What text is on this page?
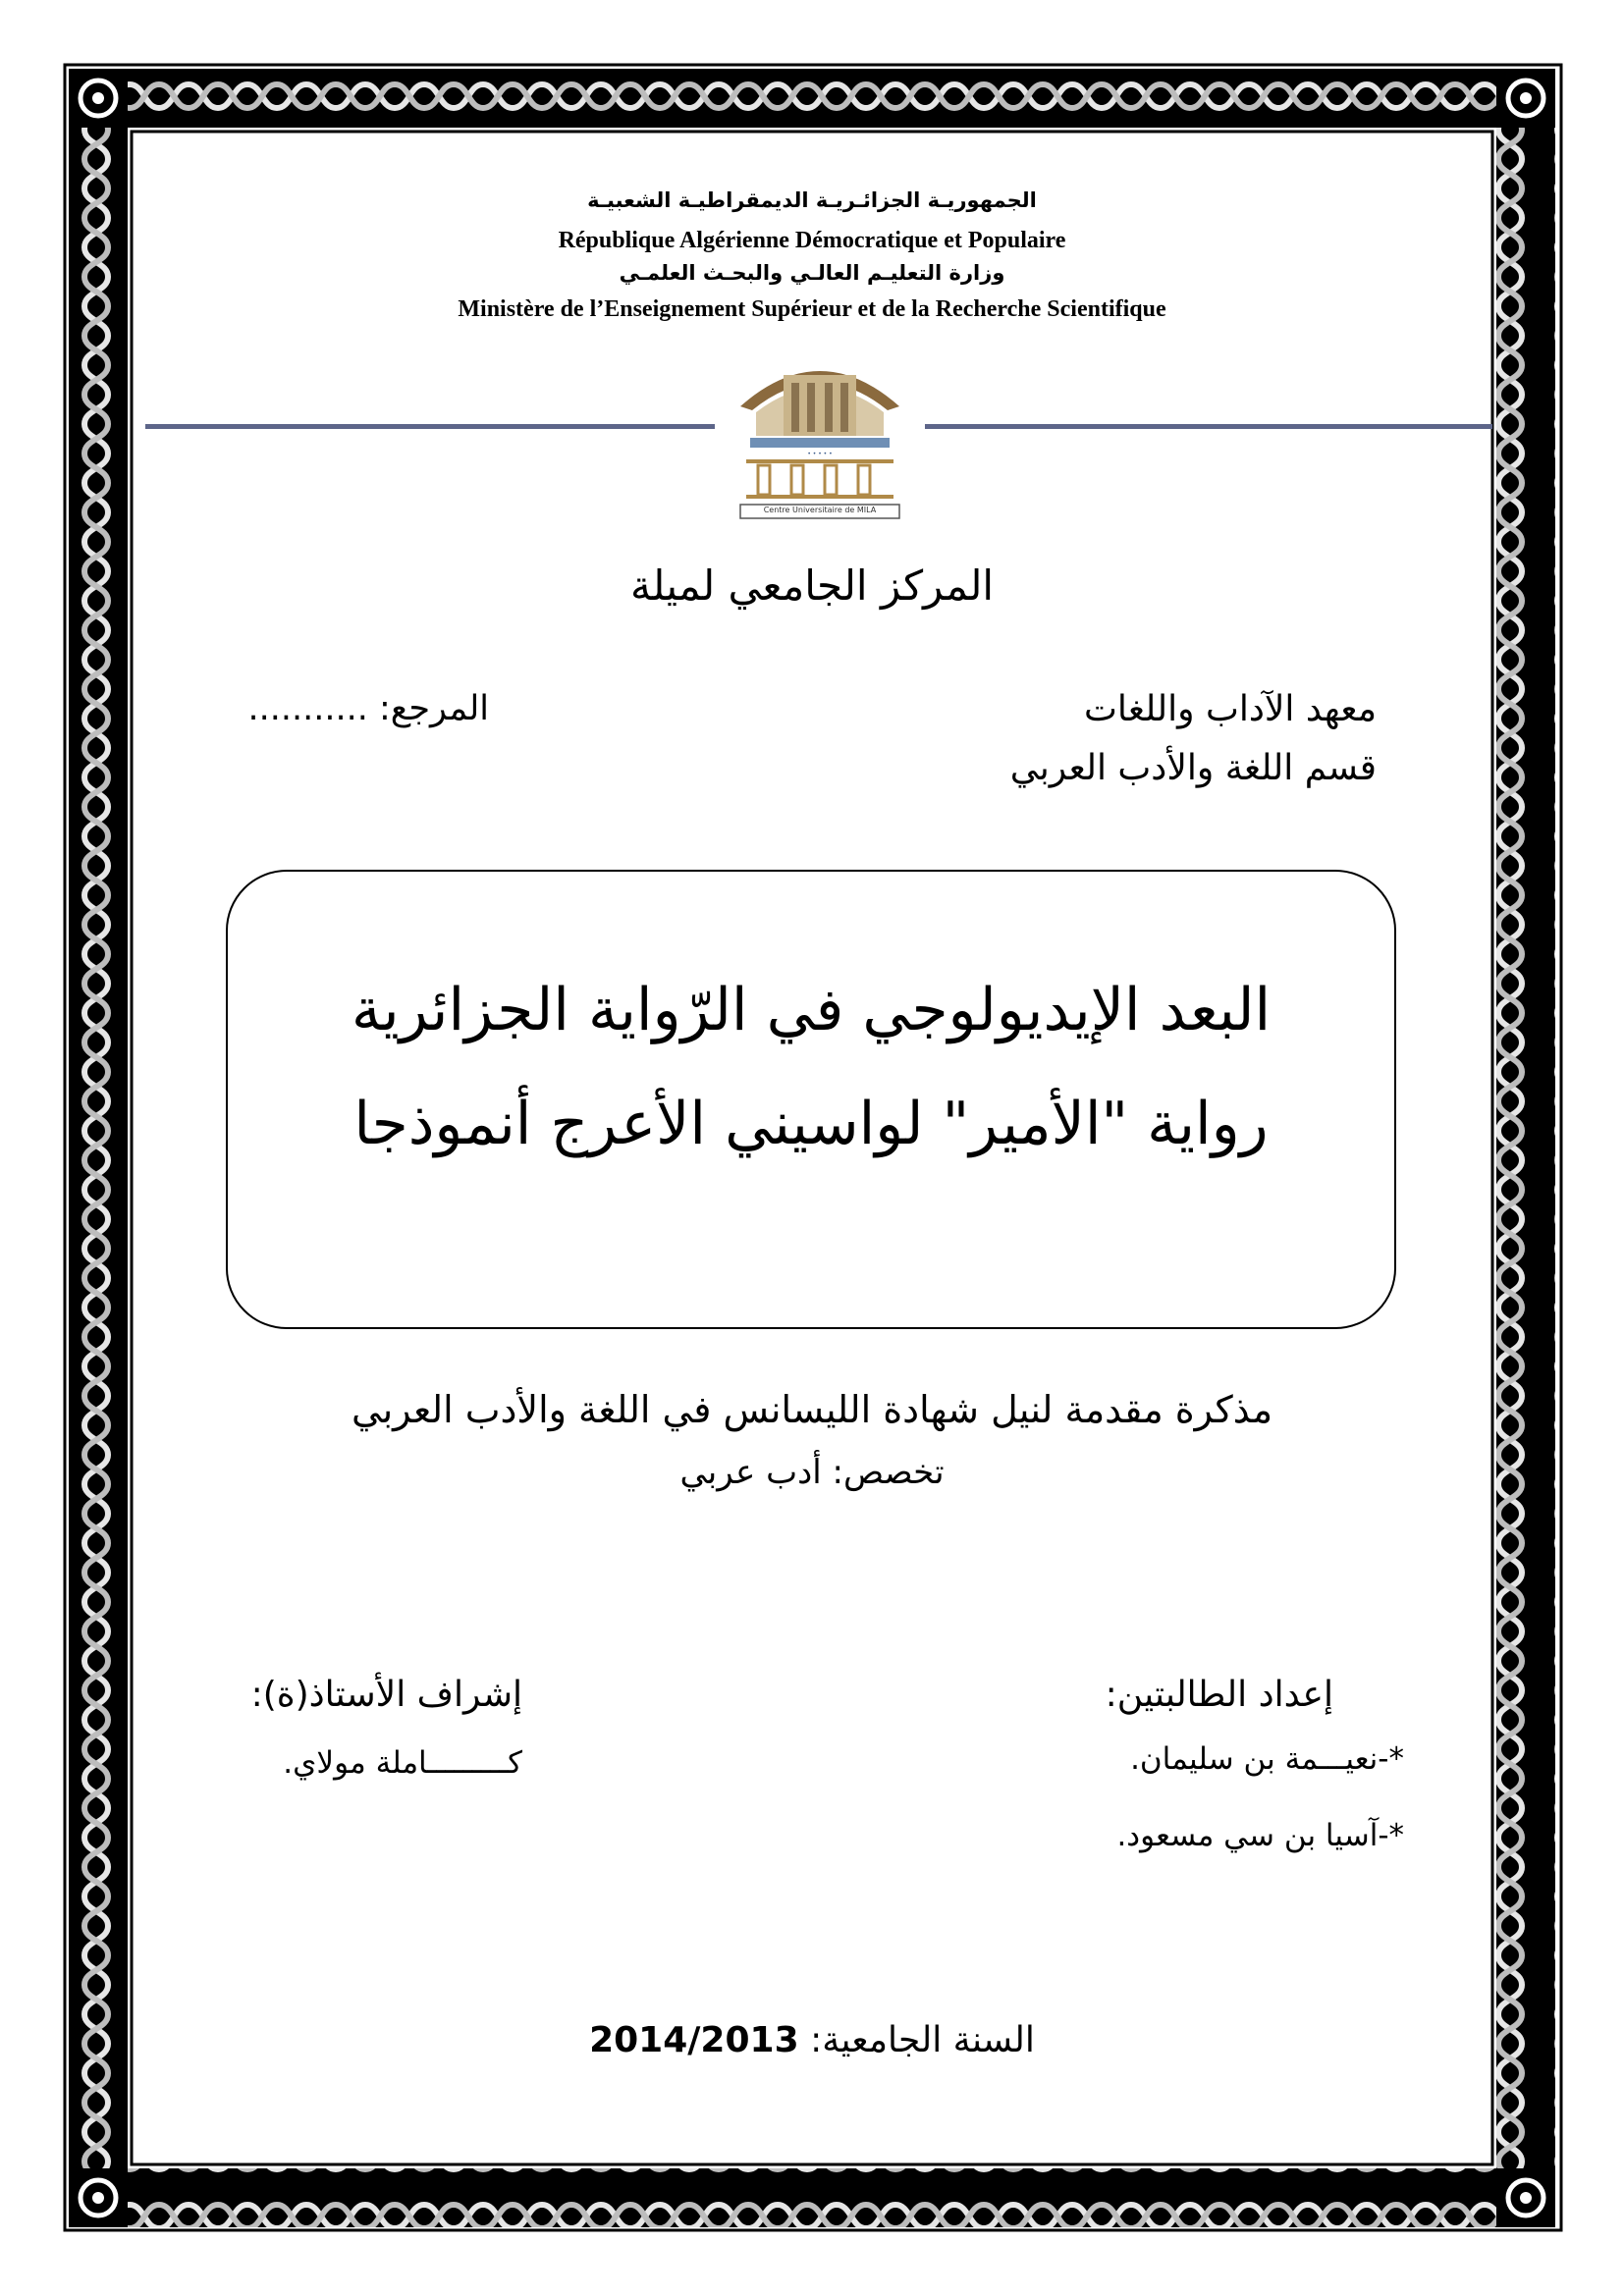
الجمهوريـة الجزائـريـة الديمقراطيـة الشعبيـة
République Algérienne Démocratique et Populaire
وزارة التعليـم العالـي والبحـث العلمـي
Ministère de l’Enseignement Supérieur et de la Recherche Scientifique
• • • • •
Centre Universitaire de MILA
المركز الجامعي لميلة
معهد الآداب واللغات
قسم اللغة والأدب العربي
المرجع: ...........
البعد الإيديولوجي في الرّواية الجزائرية
رواية "الأمير" لواسيني الأعرج أنموذجا
مذكرة مقدمة لنيل شهادة الليسانس في اللغة والأدب العربي
تخصص: أدب عربي
إعداد الطالبتين:
*-نعيـــمة بن سليمان.
*-آسيا بن سي مسعود.
إشراف الأستاذ(ة):
كـــــــــاملة مولاي.
السنة الجامعية: 2014/2013
